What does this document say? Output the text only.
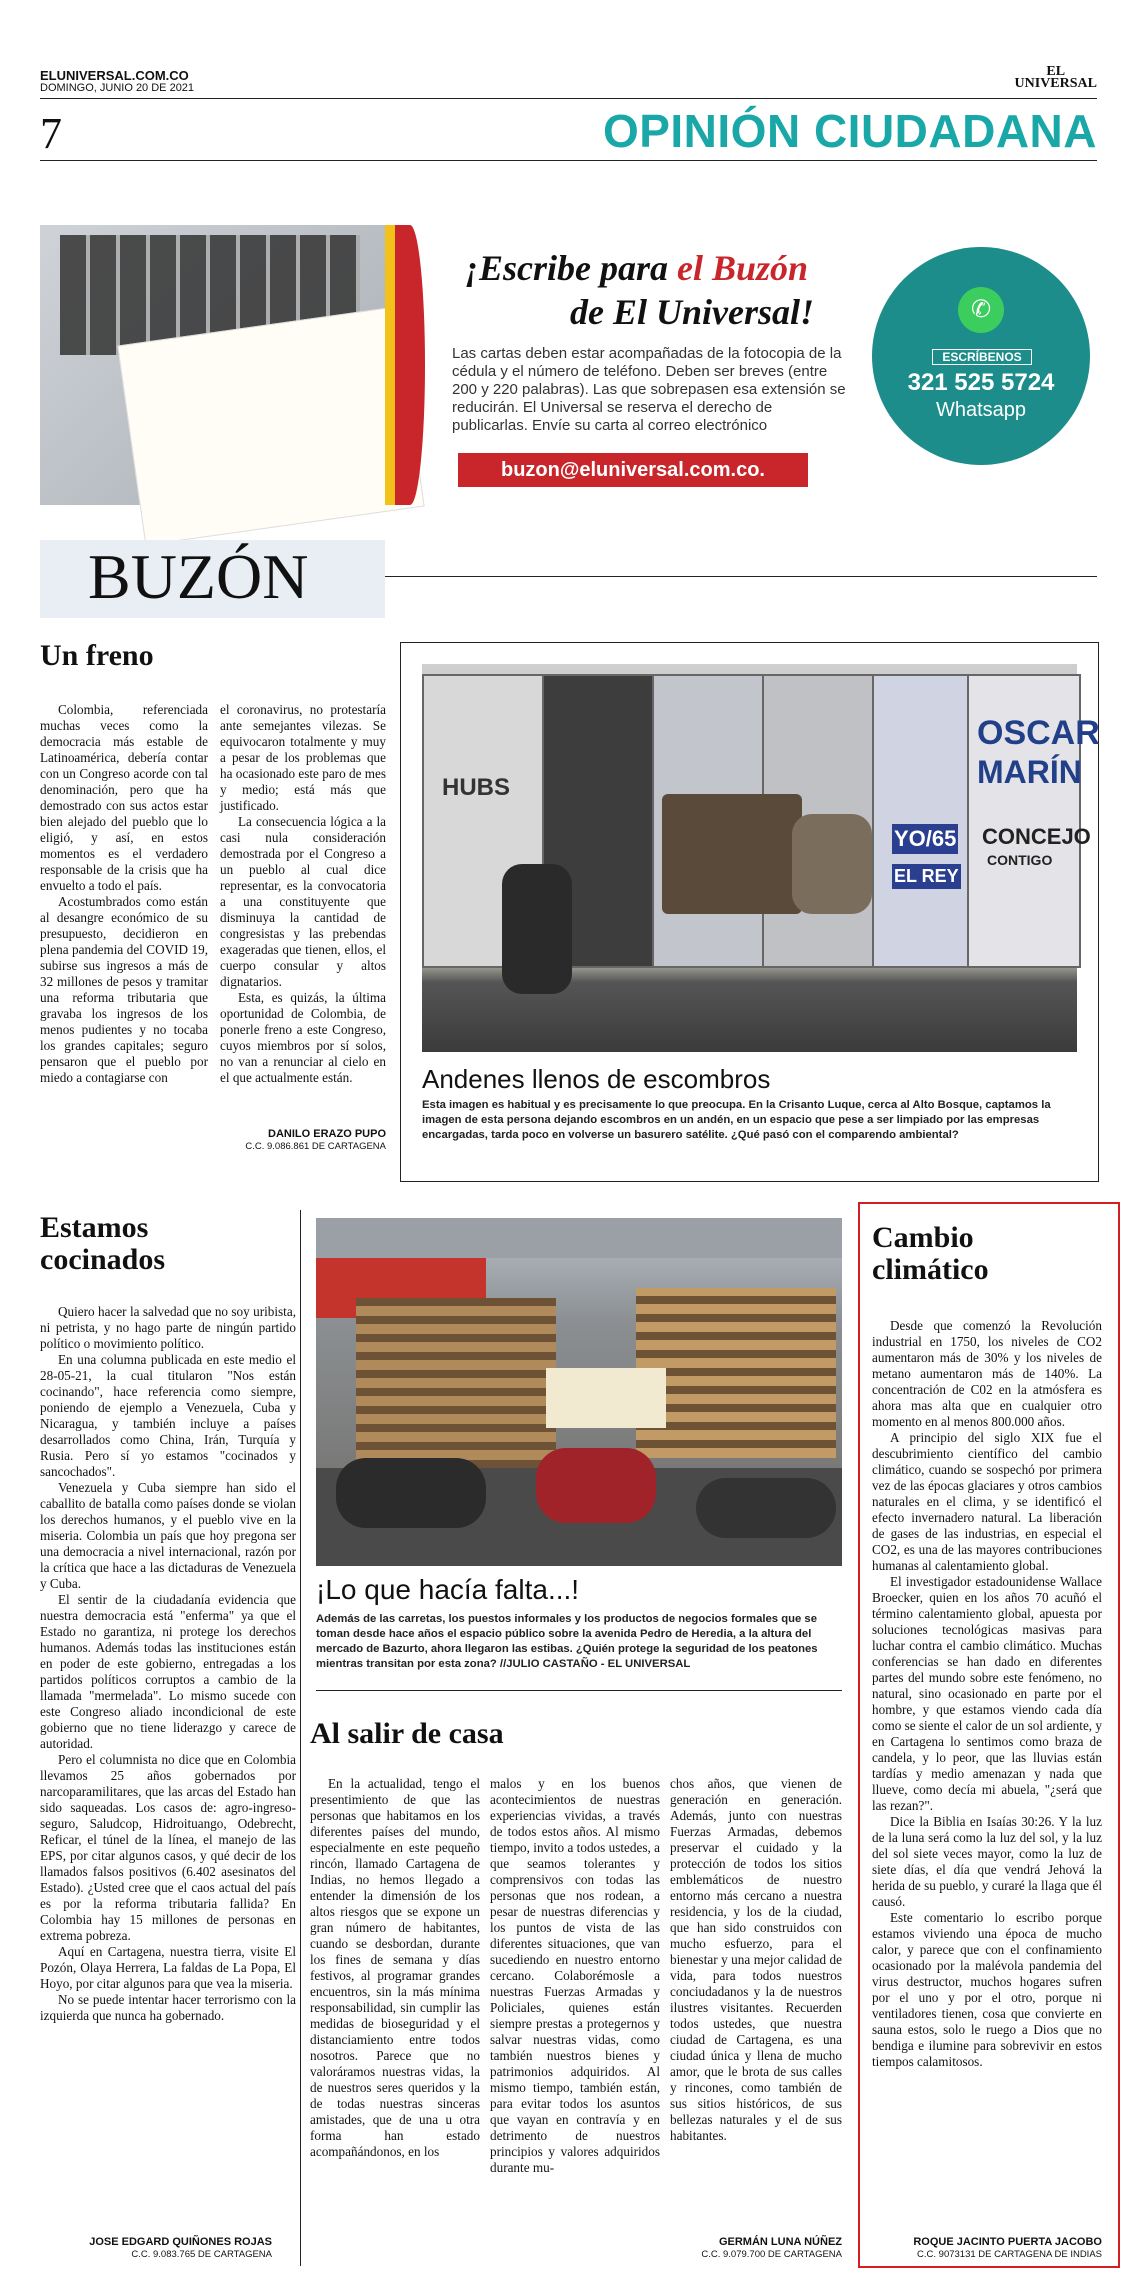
ELUNIVERSAL.COM.CO
DOMINGO, JUNIO 20 DE 2021
EL
UNIVERSAL
7	OPINIÓN CIUDADANA
¡Escribe para el Buzón
de El Universal!
Las cartas deben estar acompañadas de la fotocopia de la cédula y el número de teléfono. Deben ser breves (entre 200 y 220 palabras). Las que sobrepasen esa extensión se reducirán. El Universal se reserva el derecho de publicarlas. Envíe su carta al correo electrónico
buzon@eluniversal.com.co.
✆
ESCRÍBENOS
321 525 5724
Whatsapp
BUZÓN
Un freno

Colombia, referenciada muchas veces como la democracia más estable de Latinoamérica, debería contar con un Congreso acorde con tal denominación, pero que ha demostrado con sus actos estar bien alejado del pueblo que lo eligió, y así, en estos momentos es el verdadero responsable de la crisis que ha envuelto a todo el país.

Acostumbrados como están al desangre económico de su presupuesto, decidieron en plena pandemia del COVID 19, subirse sus ingresos a más de 32 millones de pesos y tramitar una reforma tributaria que gravaba los ingresos de los menos pudientes y no tocaba los grandes capitales; seguro pensaron que el pueblo por miedo a contagiarse con

el coronavirus, no protestaría ante semejantes vilezas. Se equivocaron totalmente y muy a pesar de los problemas que ha ocasionado este paro de mes y medio; está más que justificado.

La consecuencia lógica a la casi nula consideración demostrada por el Congreso a un pueblo al cual dice representar, es la convocatoria a una constituyente que disminuya la cantidad de congresistas y las prebendas exageradas que tienen, ellos, el cuerpo consular y altos dignatarios.

Esta, es quizás, la última oportunidad de Colombia, de ponerle freno a este Congreso, cuyos miembros por sí solos, no van a renunciar al cielo en el que actualmente están.

DANILO ERAZO PUPO
C.C. 9.086.861 DE CARTAGENA
HUBS
OSCAR
MARÍN
CONCEJO
CONTIGO
YO/65
EL REY
Andenes llenos de escombros
Esta imagen es habitual y es precisamente lo que preocupa. En la Crisanto Luque, cerca al Alto Bosque, captamos la imagen de esta persona dejando escombros en un andén, en un espacio que pese a ser limpiado por las empresas encargadas, tarda poco en volverse un basurero satélite. ¿Qué pasó con el comparendo ambiental?
Estamos
cocinados

Quiero hacer la salvedad que no soy uribista, ni petrista, y no hago parte de ningún partido político o movimiento político.

En una columna publicada en este medio el 28-05-21, la cual titularon "Nos están cocinando", hace referencia como siempre, poniendo de ejemplo a Venezuela, Cuba y Nicaragua, y también incluye a países desarrollados como China, Irán, Turquía y Rusia. Pero sí yo estamos "cocinados y sancochados".

Venezuela y Cuba siempre han sido el caballito de batalla como países donde se violan los derechos humanos, y el pueblo vive en la miseria. Colombia un país que hoy pregona ser una democracia a nivel internacional, razón por la crítica que hace a las dictaduras de Venezuela y Cuba.

El sentir de la ciudadanía evidencia que nuestra democracia está "enferma" ya que el Estado no garantiza, ni protege los derechos humanos. Además todas las instituciones están en poder de este gobierno, entregadas a los partidos políticos corruptos a cambio de la llamada "mermelada". Lo mismo sucede con este Congreso aliado incondicional de este gobierno que no tiene liderazgo y carece de autoridad.

Pero el columnista no dice que en Colombia llevamos 25 años gobernados por narcoparamilitares, que las arcas del Estado han sido saqueadas. Los casos de: agro-ingreso-seguro, Saludcop, Hidroituango, Odebrecht, Reficar, el túnel de la línea, el manejo de las EPS, por citar algunos casos, y qué decir de los llamados falsos positivos (6.402 asesinatos del Estado). ¿Usted cree que el caos actual del país es por la reforma tributaria fallida? En Colombia hay 15 millones de personas en extrema pobreza.

Aquí en Cartagena, nuestra tierra, visite El Pozón, Olaya Herrera, La faldas de La Popa, El Hoyo, por citar algunos para que vea la miseria.

No se puede intentar hacer terrorismo con la izquierda que nunca ha gobernado.

JOSE EDGARD QUIÑONES ROJAS
C.C. 9.083.765 DE CARTAGENA
¡Lo que hacía falta...!
Además de las carretas, los puestos informales y los productos de negocios formales que se toman desde hace años el espacio público sobre la avenida Pedro de Heredia, a la altura del mercado de Bazurto, ahora llegaron las estibas. ¿Quién protege la seguridad de los peatones mientras transitan por esta zona? //JULIO CASTAÑO - EL UNIVERSAL
Al salir de casa

En la actualidad, tengo el presentimiento de que las personas que habitamos en los diferentes países del mundo, especialmente en este pequeño rincón, llamado Cartagena de Indias, no hemos llegado a entender la dimensión de los altos riesgos que se expone un gran número de habitantes, cuando se desbordan, durante los fines de semana y días festivos, al programar grandes encuentros, sin la más mínima responsabilidad, sin cumplir las medidas de bioseguridad y el distanciamiento entre todos nosotros. Parece que no valoráramos nuestras vidas, la de nuestros seres queridos y la de todas nuestras sinceras amistades, que de una u otra forma han estado acompañándonos, en los

malos y en los buenos acontecimientos de nuestras experiencias vividas, a través de todos estos años. Al mismo tiempo, invito a todos ustedes, a que seamos tolerantes y comprensivos con todas las personas que nos rodean, a pesar de nuestras diferencias y los puntos de vista de las diferentes situaciones, que van sucediendo en nuestro entorno cercano. Colaborémosle a nuestras Fuerzas Armadas y Policiales, quienes están siempre prestas a protegernos y salvar nuestras vidas, como también nuestros bienes y patrimonios adquiridos. Al mismo tiempo, también están, para evitar todos los asuntos que vayan en contravía y en detrimento de nuestros principios y valores adquiridos durante mu-

chos años, que vienen de generación en generación. Además, junto con nuestras Fuerzas Armadas, debemos preservar el cuidado y la protección de todos los sitios emblemáticos de nuestro entorno más cercano a nuestra residencia, y los de la ciudad, que han sido construidos con mucho esfuerzo, para el bienestar y una mejor calidad de vida, para todos nuestros conciudadanos y la de nuestros ilustres visitantes. Recuerden todos ustedes, que nuestra ciudad de Cartagena, es una ciudad única y llena de mucho amor, que le brota de sus calles y rincones, como también de sus sitios históricos, de sus bellezas naturales y el de sus habitantes.

GERMÁN LUNA NÚÑEZ
C.C. 9.079.700 DE CARTAGENA
Cambio
climático

Desde que comenzó la Revolución industrial en 1750, los niveles de CO2 aumentaron más de 30% y los niveles de metano aumentaron más de 140%. La concentración de C02 en la atmósfera es ahora mas alta que en cualquier otro momento en al menos 800.000 años.

A principio del siglo XIX fue el descubrimiento científico del cambio climático, cuando se sospechó por primera vez de las épocas glaciares y otros cambios naturales en el clima, y se identificó el efecto invernadero natural. La liberación de gases de las industrias, en especial el CO2, es una de las mayores contribuciones humanas al calentamiento global.

El investigador estadounidense Wallace Broecker, quien en los años 70 acuñó el término calentamiento global, apuesta por soluciones tecnológicas masivas para luchar contra el cambio climático. Muchas conferencias se han dado en diferentes partes del mundo sobre este fenómeno, no natural, sino ocasionado en parte por el hombre, y que estamos viendo cada día como se siente el calor de un sol ardiente, y en Cartagena lo sentimos como braza de candela, y lo peor, que las lluvias están tardías y medio amenazan y nada que llueve, como decía mi abuela, "¿será que las rezan?".

Dice la Biblia en Isaías 30:26. Y la luz de la luna será como la luz del sol, y la luz del sol siete veces mayor, como la luz de siete días, el día que vendrá Jehová la herida de su pueblo, y curaré la llaga que él causó.

Este comentario lo escribo porque estamos viviendo una época de mucho calor, y parece que con el confinamiento ocasionado por la malévola pandemia del virus destructor, muchos hogares sufren por el uno y por el otro, porque ni ventiladores tienen, cosa que convierte en sauna estos, solo le ruego a Dios que no bendiga e ilumine para sobrevivir en estos tiempos calamitosos.

ROQUE JACINTO PUERTA JACOBO
C.C. 9073131 DE CARTAGENA DE INDIAS
